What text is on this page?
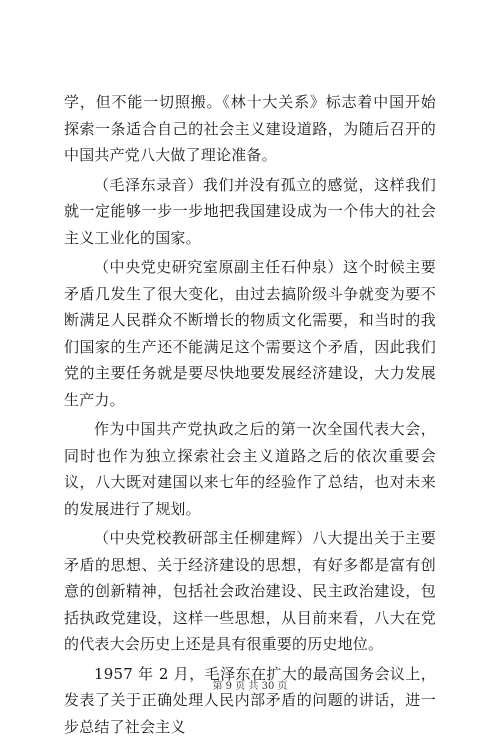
学，但不能一切照搬。《林十大关系》标志着中国开始探索一条适合自己的社会主义建设道路，为随后召开的中国共产党八大做了理论准备。

（毛泽东录音）我们并没有孤立的感觉，这样我们就一定能够一步一步地把我国建设成为一个伟大的社会主义工业化的国家。

（中央党史研究室原副主任石仲泉）这个时候主要矛盾几发生了很大变化，由过去搞阶级斗争就变为要不断满足人民群众不断增长的物质文化需要，和当时的我们国家的生产还不能满足这个需要这个矛盾，因此我们党的主要任务就是要尽快地要发展经济建设，大力发展生产力。

作为中国共产党执政之后的第一次全国代表大会，同时也作为独立探索社会主义道路之后的依次重要会议，八大既对建国以来七年的经验作了总结，也对未来的发展进行了规划。

（中央党校教研部主任柳建辉）八大提出关于主要矛盾的思想、关于经济建设的思想，有好多都是富有创意的创新精神，包括社会政治建设、民主政治建设，包括执政党建设，这样一些思想，从目前来看，八大在党的代表大会历史上还是具有很重要的历史地位。

1957 年 2 月，毛泽东在扩大的最高国务会议上，发表了关于正确处理人民内部矛盾的问题的讲话，进一步总结了社会主义

第 9 页 共 30 页
